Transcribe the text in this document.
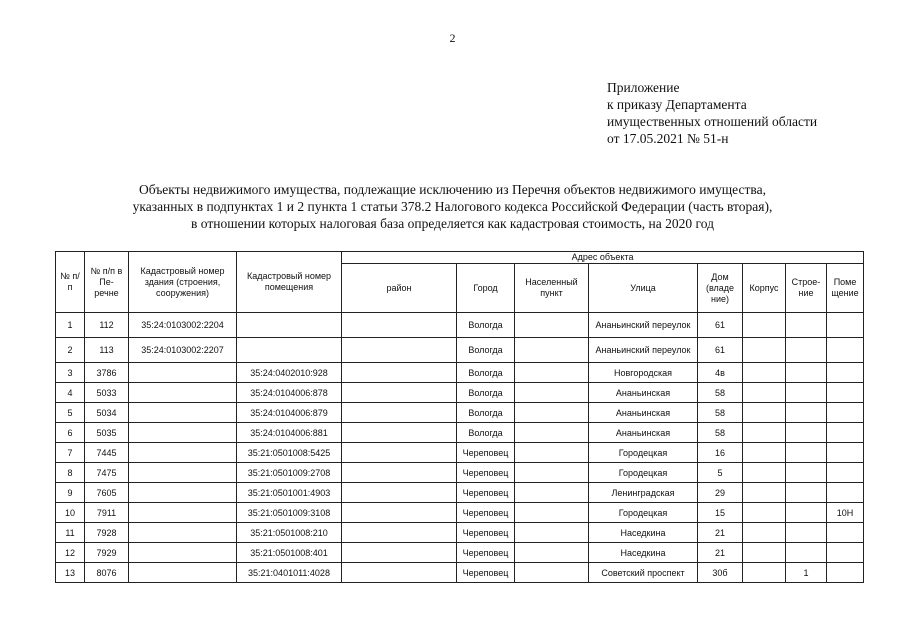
2
Приложение
к приказу Департамента
имущественных отношений области
от 17.05.2021 № 51-н
Объекты недвижимого имущества, подлежащие исключению из Перечня объектов недвижимого имущества,
указанных в подпунктах 1 и 2 пункта 1 статьи 378.2 Налогового кодекса Российской Федерации (часть вторая),
в отношении которых налоговая база определяется как кадастровая стоимость, на 2020 год
№ п/п	№ п/п в Пе- речне	Кадастровый номер здания (строения, сооружения)	Кадастровый номер помещения	Адрес объекта							
				район	Город	Населенный пункт	Улица	Дом (владе ние)	Корпус	Строе- ние	Поме щение
1	112	35:24:0103002:2204			Вологда		Ананьинский переулок	61			
2	113	35:24:0103002:2207			Вологда		Ананьинский переулок	61			
3	3786		35:24:0402010:928		Вологда		Новгородская	4в			
4	5033		35:24:0104006:878		Вологда		Ананьинская	58			
5	5034		35:24:0104006:879		Вологда		Ананьинская	58			
6	5035		35:24:0104006:881		Вологда		Ананьинская	58			
7	7445		35:21:0501008:5425		Череповец		Городецкая	16			
8	7475		35:21:0501009:2708		Череповец		Городецкая	5			
9	7605		35:21:0501001:4903		Череповец		Ленинградская	29			
10	7911		35:21:0501009:3108		Череповец		Городецкая	15			10Н
11	7928		35:21:0501008:210		Череповец		Наседкина	21			
12	7929		35:21:0501008:401		Череповец		Наседкина	21			
13	8076		35:21:0401011:4028		Череповец		Советский проспект	30б		1	
